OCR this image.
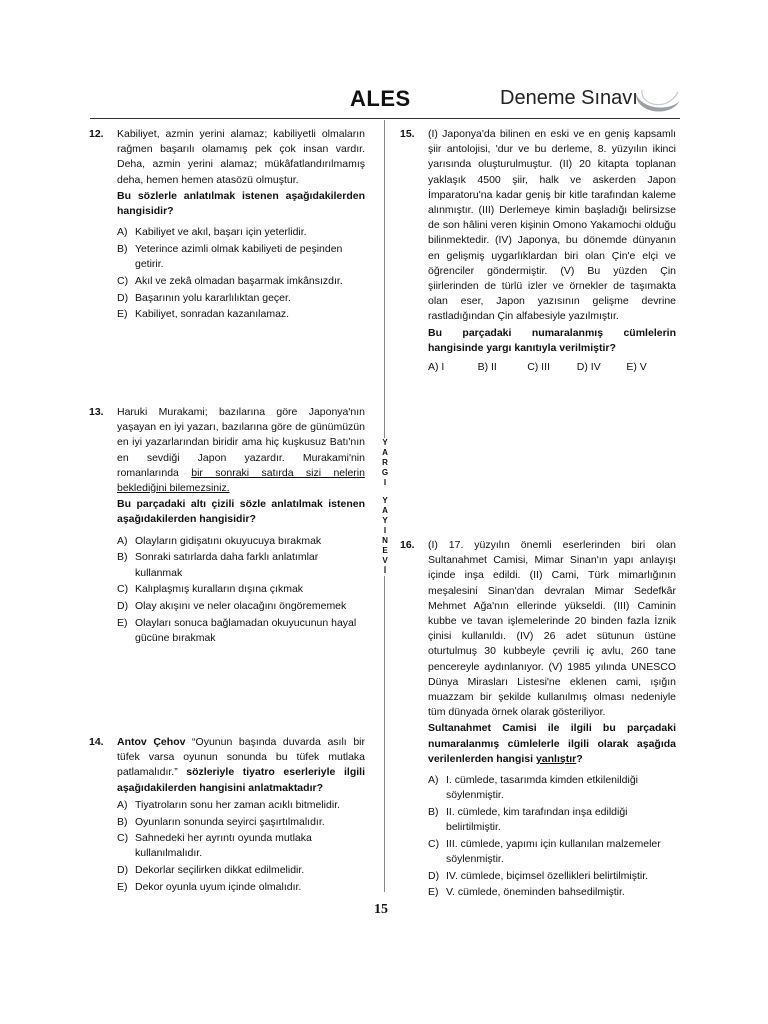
ALES	Deneme Sınavı
Y
A
R
G
I
Y
A
Y
I
N
E
V
İ
12. Kabiliyet, azmin yerini alamaz; kabiliyetli olmaların rağmen başarılı olamamış pek çok insan vardır. Deha, azmin yerini alamaz; mükâfatlandırılmamış deha, hemen hemen atasözü olmuştur.

Bu sözlerle anlatılmak istenen aşağıdakilerden hangisidir?

A) Kabiliyet ve akıl, başarı için yeterlidir.
B) Yeterince azimli olmak kabiliyeti de peşinden getirir.
C) Akıl ve zekâ olmadan başarmak imkânsızdır.
D) Başarının yolu kararlılıktan geçer.
E) Kabiliyet, sonradan kazanılamaz.
13. Haruki Murakami; bazılarına göre Japonya'nın yaşayan en iyi yazarı, bazılarına göre de günümüzün en iyi yazarlarından biridir ama hiç kuşkusuz Batı'nın en sevdiği Japon yazardır. Murakami'nin romanlarında bir sonraki satırda sizi nelerin beklediğini bilemezsiniz.

Bu parçadaki altı çizili sözle anlatılmak istenen aşağıdakilerden hangisidir?

A) Olayların gidişatını okuyucuya bırakmak
B) Sonraki satırlarda daha farklı anlatımlar kullanmak
C) Kalıplaşmış kuralların dışına çıkmak
D) Olay akışını ve neler olacağını öngörememek
E) Olayları sonuca bağlamadan okuyucunun hayal gücüne bırakmak
14. Antov Çehov “Oyunun başında duvarda asılı bir tüfek varsa oyunun sonunda bu tüfek mutlaka patlamalıdır.” sözleriyle tiyatro eserleriyle ilgili aşağıdakilerden hangisini anlatmaktadır?

A) Tiyatroların sonu her zaman acıklı bitmelidir.
B) Oyunların sonunda seyirci şaşırtılmalıdır.
C) Sahnedeki her ayrıntı oyunda mutlaka kullanılmalıdır.
D) Dekorlar seçilirken dikkat edilmelidir.
E) Dekor oyunla uyum içinde olmalıdır.
15. (I) Japonya'da bilinen en eski ve en geniş kapsamlı şiir antolojisi, 'dur ve bu derleme, 8. yüzyılın ikinci yarısında oluşturulmuştur. (II) 20 kitapta toplanan yaklaşık 4500 şiir, halk ve askerden Japon İmparatoru'na kadar geniş bir kitle tarafından kaleme alınmıştır. (III) Derlemeye kimin başladığı belirsizse de son hâlini veren kişinin Omono Yakamochi olduğu bilinmektedir. (IV) Japonya, bu dönemde dünyanın en gelişmiş uygarlıklardan biri olan Çin'e elçi ve öğrenciler göndermiştir. (V) Bu yüzden Çin şiirlerinden de türlü izler ve örnekler de taşımakta olan eser, Japon yazısının gelişme devrine rastladığından Çin alfabesiyle yazılmıştır.

Bu parçadaki numaralanmış cümlelerin hangisinde yargı kanıtıyla verilmiştir?

A) I	B) II	C) III	D) IV	E) V
16. (I) 17. yüzyılın önemli eserlerinden biri olan Sultanahmet Camisi, Mimar Sinan'ın yapı anlayışı içinde inşa edildi. (II) Cami, Türk mimarlığının meşalesini Sinan'dan devralan Mimar Sedefkâr Mehmet Ağa'nın ellerinde yükseldi. (III) Caminin kubbe ve tavan işlemelerinde 20 binden fazla İznik çinisi kullanıldı. (IV) 26 adet sütunun üstüne oturtulmuş 30 kubbeyle çevrili iç avlu, 260 tane pencereyle aydınlanıyor. (V) 1985 yılında UNESCO Dünya Mirasları Listesi'ne eklenen cami, ışığın muazzam bir şekilde kullanılmış olması nedeniyle tüm dünyada örnek olarak gösteriliyor.

Sultanahmet Camisi ile ilgili bu parçadaki numaralanmış cümlelerle ilgili olarak aşağıda verilenlerden hangisi yanlıştır?

A) I. cümlede, tasarımda kimden etkilenildiği söylenmiştir.
B) II. cümlede, kim tarafından inşa edildiği belirtilmiştir.
C) III. cümlede, yapımı için kullanılan malzemeler söylenmiştir.
D) IV. cümlede, biçimsel özellikleri belirtilmiştir.
E) V. cümlede, öneminden bahsedilmiştir.
15
